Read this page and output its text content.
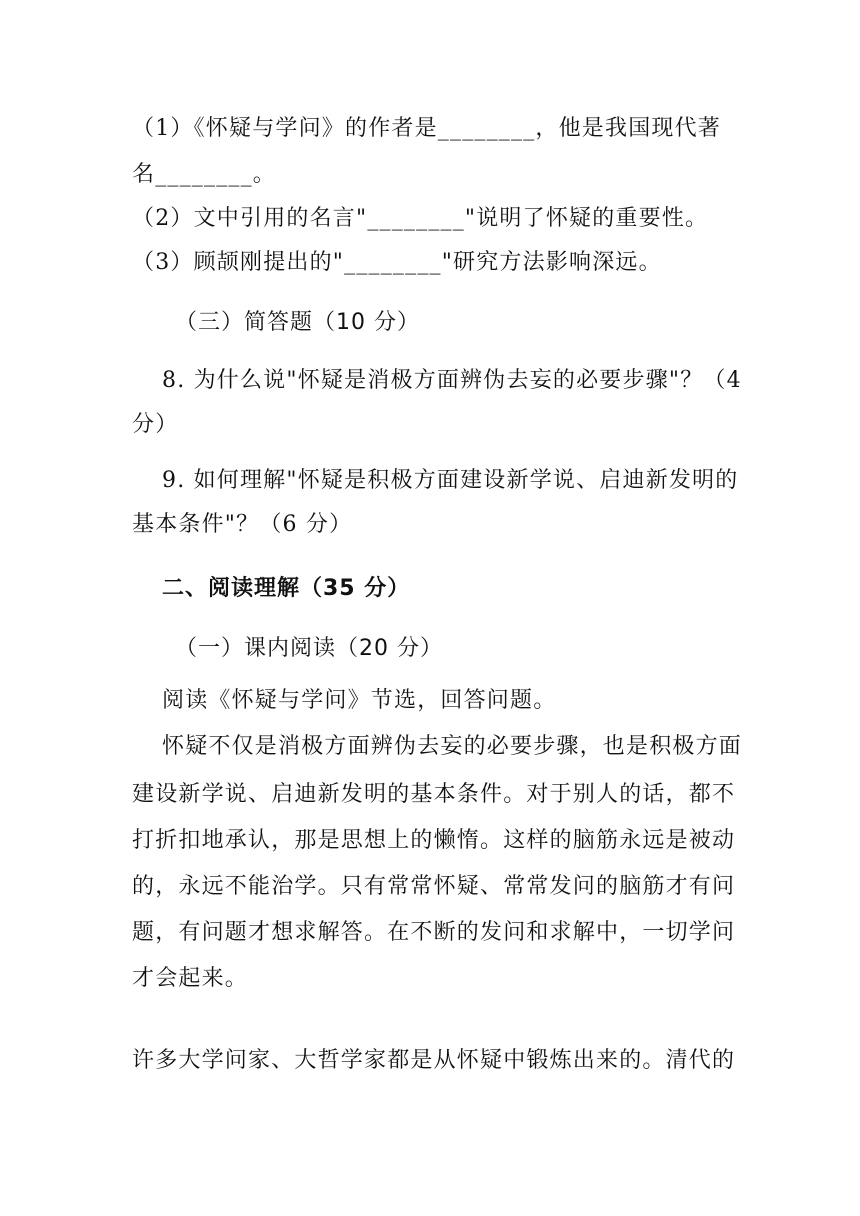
（1）《怀疑与学问》的作者是________，他是我国现代著
名________。
（2）文中引用的名言"________"说明了怀疑的重要性。
（3）顾颉刚提出的"________"研究方法影响深远。
（三）简答题（10 分）
8. 为什么说"怀疑是消极方面辨伪去妄的必要步骤"？（4
分）
9. 如何理解"怀疑是积极方面建设新学说、启迪新发明的
基本条件"？（6 分）
二、阅读理解（35 分）
（一）课内阅读（20 分）
阅读《怀疑与学问》节选，回答问题。
怀疑不仅是消极方面辨伪去妄的必要步骤，也是积极方面
建设新学说、启迪新发明的基本条件。对于别人的话，都不
打折扣地承认，那是思想上的懒惰。这样的脑筋永远是被动
的，永远不能治学。只有常常怀疑、常常发问的脑筋才有问
题，有问题才想求解答。在不断的发问和求解中，一切学问
才会起来。
许多大学问家、大哲学家都是从怀疑中锻炼出来的。清代的
